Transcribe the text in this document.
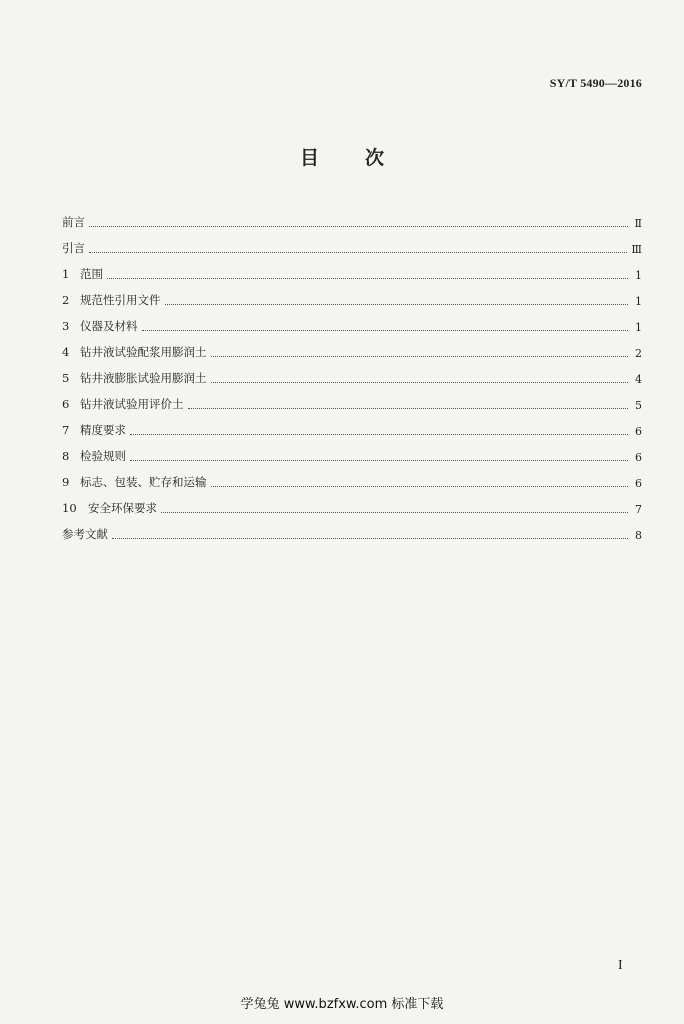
SY/T 5490—2016
目次
前言	Ⅱ
引言	Ⅲ
1 范围	1
2 规范性引用文件	1
3 仪器及材料	1
4 钻井液试验配浆用膨润土	2
5 钻井液膨胀试验用膨润土	4
6 钻井液试验用评价土	5
7 精度要求	6
8 检验规则	6
9 标志、包装、贮存和运输	6
10 安全环保要求	7
参考文献	8
I
学兔兔 www.bzfxw.com 标准下载
